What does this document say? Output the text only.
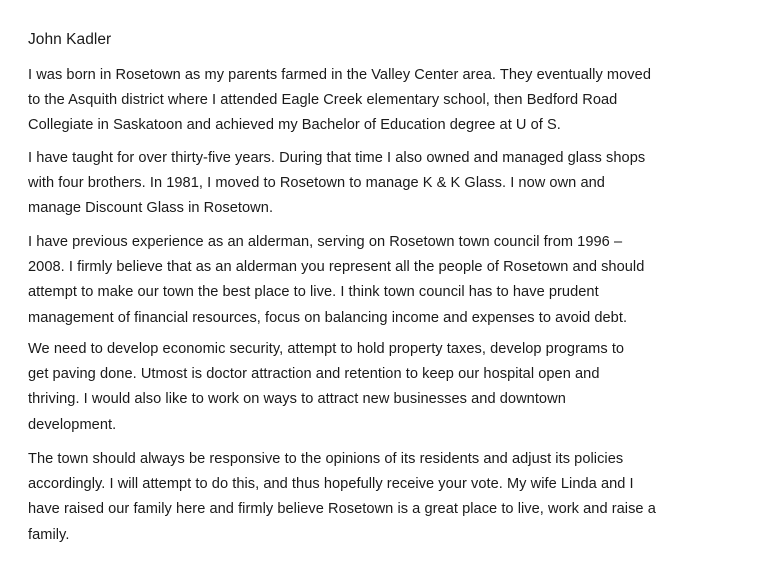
John Kadler
I was born in Rosetown as my parents farmed in the Valley Center area. They eventually moved
to the Asquith district where I attended Eagle Creek elementary school, then Bedford Road
Collegiate in Saskatoon and achieved my Bachelor of Education degree at U of S.
I have taught for over thirty-five years. During that time I also owned and managed glass shops
with four brothers. In 1981, I moved to Rosetown to manage K & K Glass. I now own and
manage Discount Glass in Rosetown.
I have previous experience as an alderman, serving on Rosetown town council from 1996 –
2008. I firmly believe that as an alderman you represent all the people of Rosetown and should
attempt to make our town the best place to live. I think town council has to have prudent
management of financial resources, focus on balancing income and expenses to avoid debt.
We need to develop economic security, attempt to hold property taxes, develop programs to
get paving done. Utmost is doctor attraction and retention to keep our hospital open and
thriving. I would also like to work on ways to attract new businesses and downtown
development.
The town should always be responsive to the opinions of its residents and adjust its policies
accordingly. I will attempt to do this, and thus hopefully receive your vote. My wife Linda and I
have raised our family here and firmly believe Rosetown is a great place to live, work and raise a
family.
